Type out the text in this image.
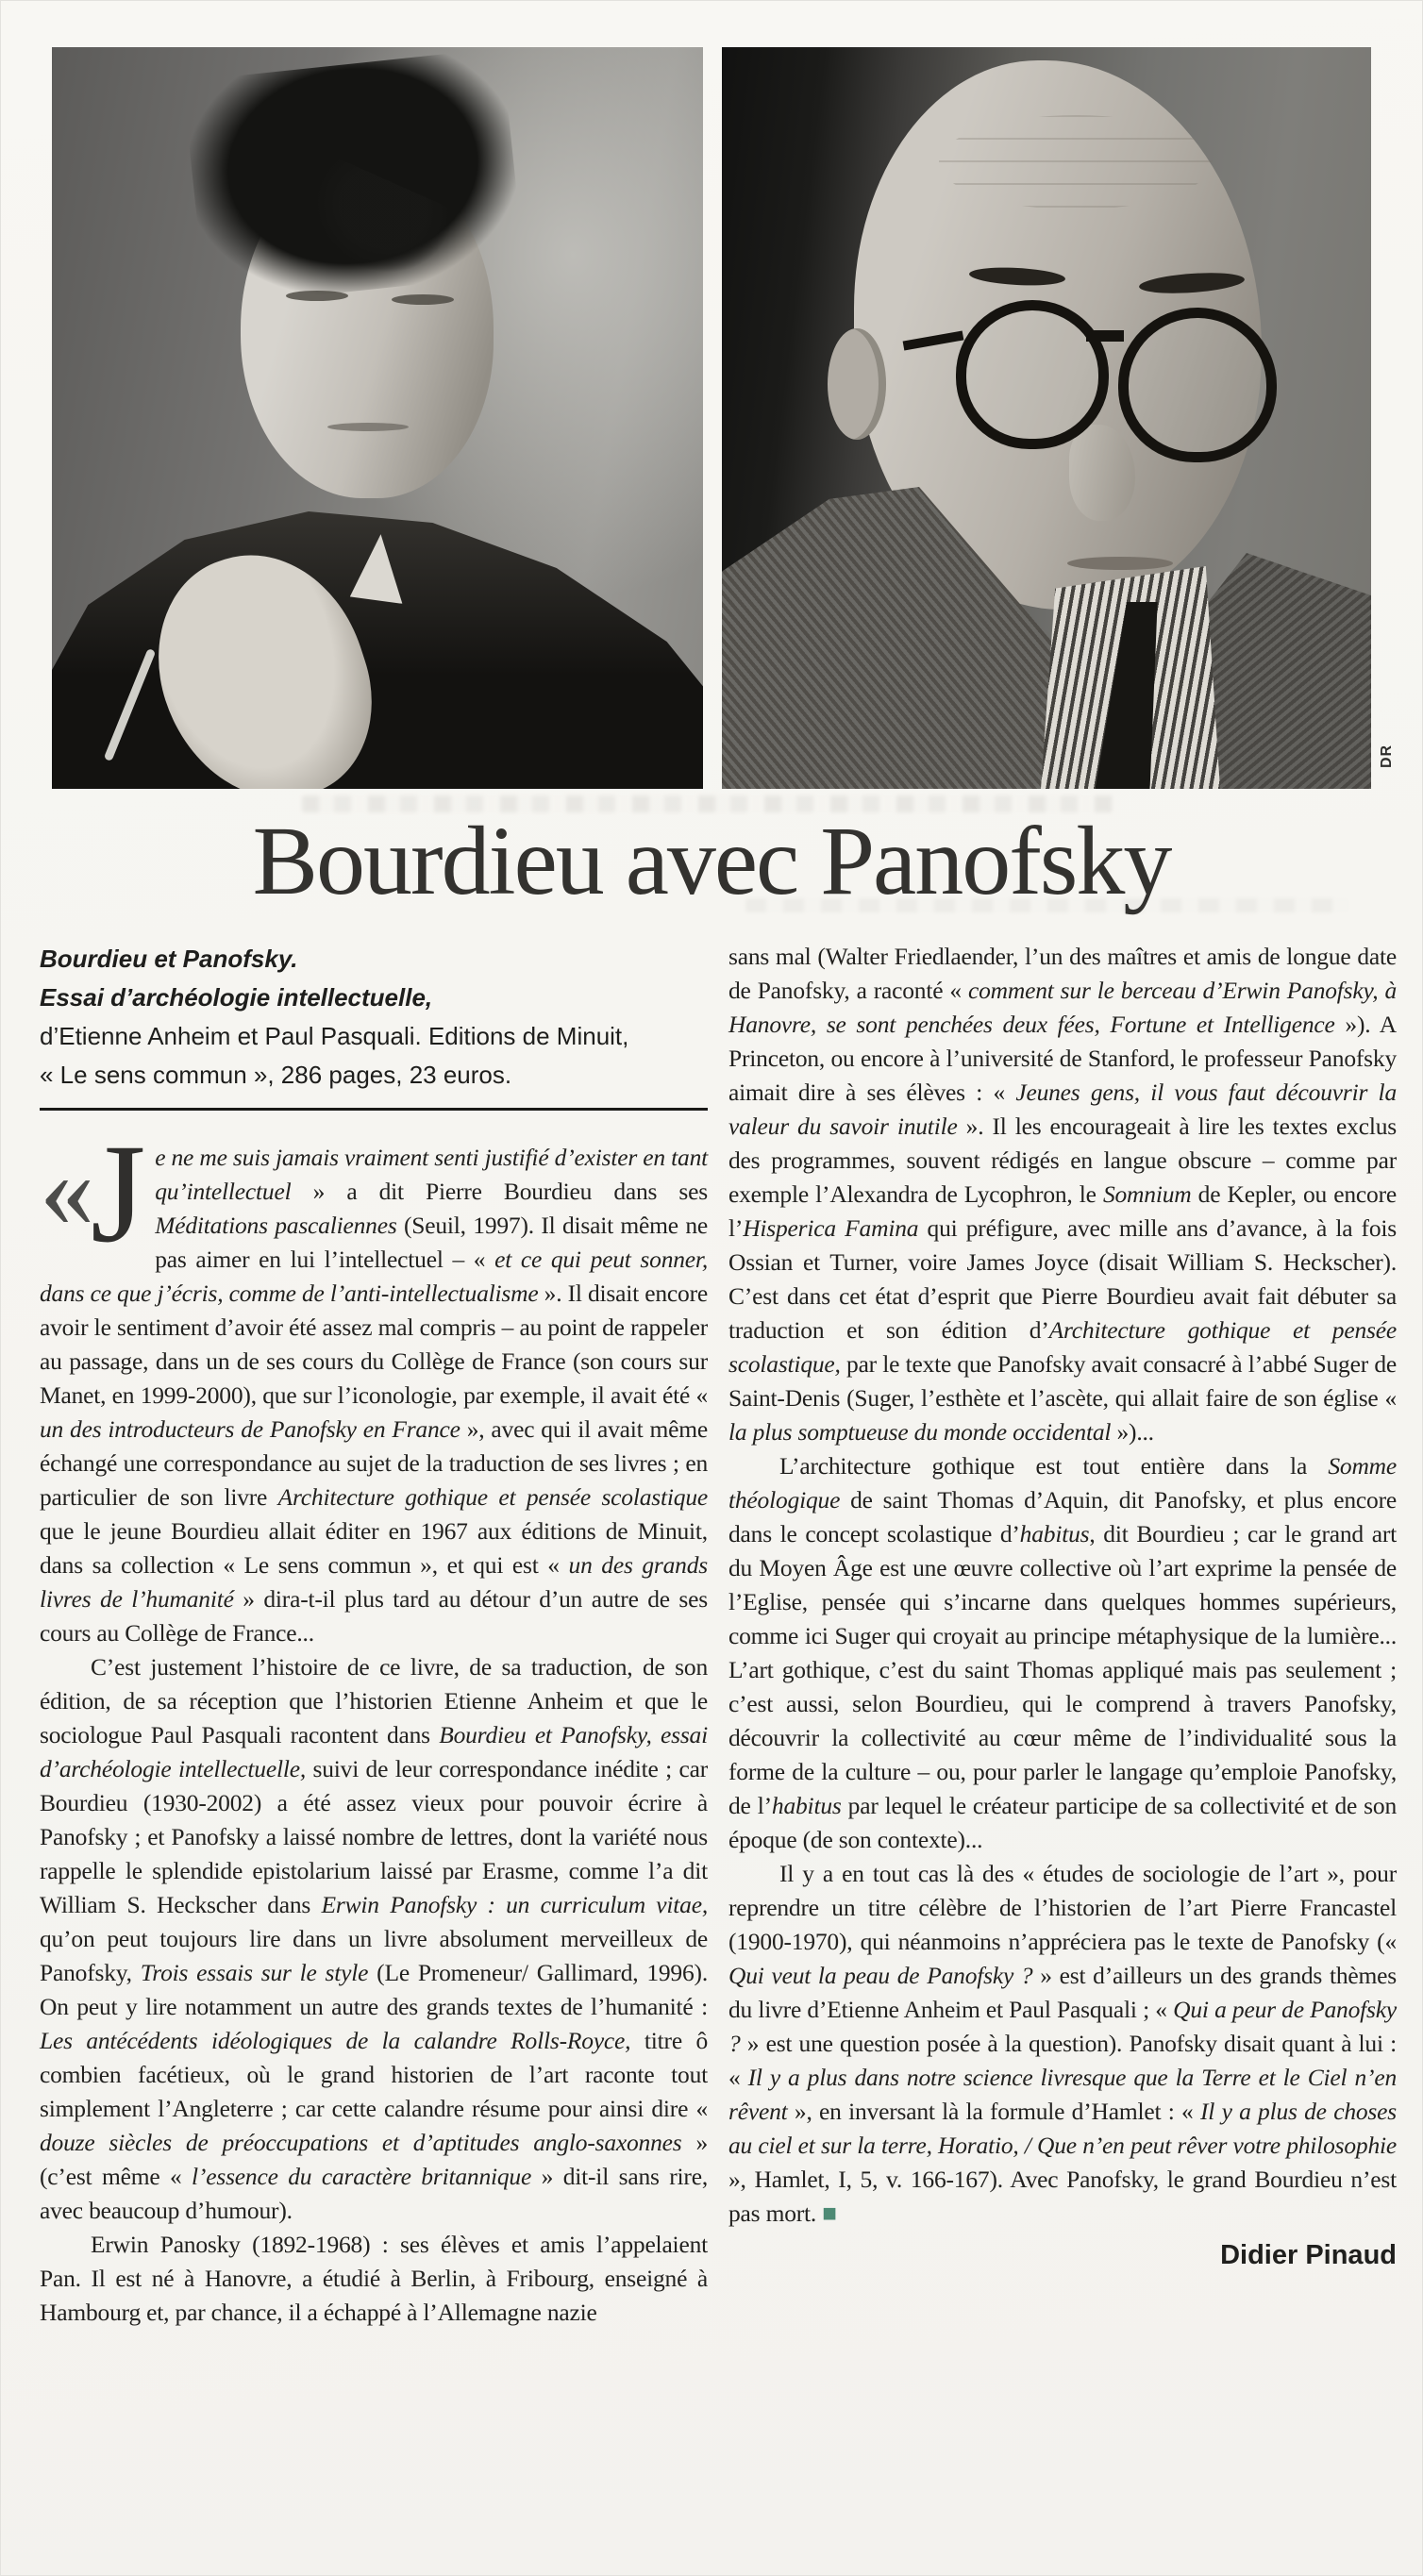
DR
Bourdieu avec Panofsky
Bourdieu et Panofsky.
Essai d’archéologie intellectuelle,
d’Etienne Anheim et Paul Pasquali. Editions de Minuit,
« Le sens commun », 286 pages, 23 euros.

« J e ne me suis jamais vraiment senti justifié d’exister en tant qu’intellectuel » a dit Pierre Bourdieu dans ses Méditations pascaliennes (Seuil, 1997). Il disait même ne pas aimer en lui l’intellectuel – « et ce qui peut sonner, dans ce que j’écris, comme de l’anti-intellectualisme ». Il disait encore avoir le sentiment d’avoir été assez mal compris – au point de rappeler au passage, dans un de ses cours du Collège de France (son cours sur Manet, en 1999-2000), que sur l’iconologie, par exemple, il avait été « un des introducteurs de Panofsky en France », avec qui il avait même échangé une correspondance au sujet de la traduction de ses livres ; en particulier de son livre Architecture gothique et pensée scolastique que le jeune Bourdieu allait éditer en 1967 aux éditions de Minuit, dans sa collection « Le sens commun », et qui est « un des grands livres de l’humanité » dira-t-il plus tard au détour d’un autre de ses cours au Collège de France...

C’est justement l’histoire de ce livre, de sa traduction, de son édition, de sa réception que l’historien Etienne Anheim et que le sociologue Paul Pasquali racontent dans Bourdieu et Panofsky, essai d’archéologie intellectuelle, suivi de leur correspondance inédite ; car Bourdieu (1930-2002) a été assez vieux pour pouvoir écrire à Panofsky ; et Panofsky a laissé nombre de lettres, dont la variété nous rappelle le splendide epistolarium laissé par Erasme, comme l’a dit William S. Heckscher dans Erwin Panofsky : un curriculum vitae, qu’on peut toujours lire dans un livre absolument merveilleux de Panofsky, Trois essais sur le style (Le Promeneur/ Gallimard, 1996). On peut y lire notamment un autre des grands textes de l’humanité : Les antécédents idéologiques de la calandre Rolls-Royce, titre ô combien facétieux, où le grand historien de l’art raconte tout simplement l’Angleterre ; car cette calandre résume pour ainsi dire « douze siècles de préoccupations et d’aptitudes anglo-saxonnes » (c’est même « l’essence du caractère britannique » dit-il sans rire, avec beaucoup d’humour).

Erwin Panosky (1892-1968) : ses élèves et amis l’appelaient Pan. Il est né à Hanovre, a étudié à Berlin, à Fribourg, enseigné à Hambourg et, par chance, il a échappé à l’Allemagne nazie

sans mal (Walter Friedlaender, l’un des maîtres et amis de longue date de Panofsky, a raconté « comment sur le berceau d’Erwin Panofsky, à Hanovre, se sont penchées deux fées, Fortune et Intelligence »). A Princeton, ou encore à l’université de Stanford, le professeur Panofsky aimait dire à ses élèves : « Jeunes gens, il vous faut découvrir la valeur du savoir inutile ». Il les encourageait à lire les textes exclus des programmes, souvent rédigés en langue obscure – comme par exemple l’Alexandra de Lycophron, le Somnium de Kepler, ou encore l’Hisperica Famina qui préfigure, avec mille ans d’avance, à la fois Ossian et Turner, voire James Joyce (disait William S. Heckscher). C’est dans cet état d’esprit que Pierre Bourdieu avait fait débuter sa traduction et son édition d’Architecture gothique et pensée scolastique, par le texte que Panofsky avait consacré à l’abbé Suger de Saint-Denis (Suger, l’esthète et l’ascète, qui allait faire de son église « la plus somptueuse du monde occidental »)...

L’architecture gothique est tout entière dans la Somme théologique de saint Thomas d’Aquin, dit Panofsky, et plus encore dans le concept scolastique d’habitus, dit Bourdieu ; car le grand art du Moyen Âge est une œuvre collective où l’art exprime la pensée de l’Eglise, pensée qui s’incarne dans quelques hommes supérieurs, comme ici Suger qui croyait au principe métaphysique de la lumière... L’art gothique, c’est du saint Thomas appliqué mais pas seulement ; c’est aussi, selon Bourdieu, qui le comprend à travers Panofsky, découvrir la collectivité au cœur même de l’individualité sous la forme de la culture – ou, pour parler le langage qu’emploie Panofsky, de l’habitus par lequel le créateur participe de sa collectivité et de son époque (de son contexte)...

Il y a en tout cas là des « études de sociologie de l’art », pour reprendre un titre célèbre de l’historien de l’art Pierre Francastel (1900-1970), qui néanmoins n’appréciera pas le texte de Panofsky (« Qui veut la peau de Panofsky ? » est d’ailleurs un des grands thèmes du livre d’Etienne Anheim et Paul Pasquali ; « Qui a peur de Panofsky ? » est une question posée à la question). Panofsky disait quant à lui : « Il y a plus dans notre science livresque que la Terre et le Ciel n’en rêvent », en inversant là la formule d’Hamlet : « Il y a plus de choses au ciel et sur la terre, Horatio, / Que n’en peut rêver votre philosophie », Hamlet, I, 5, v. 166-167). Avec Panofsky, le grand Bourdieu n’est pas mort. ■

Didier Pinaud
